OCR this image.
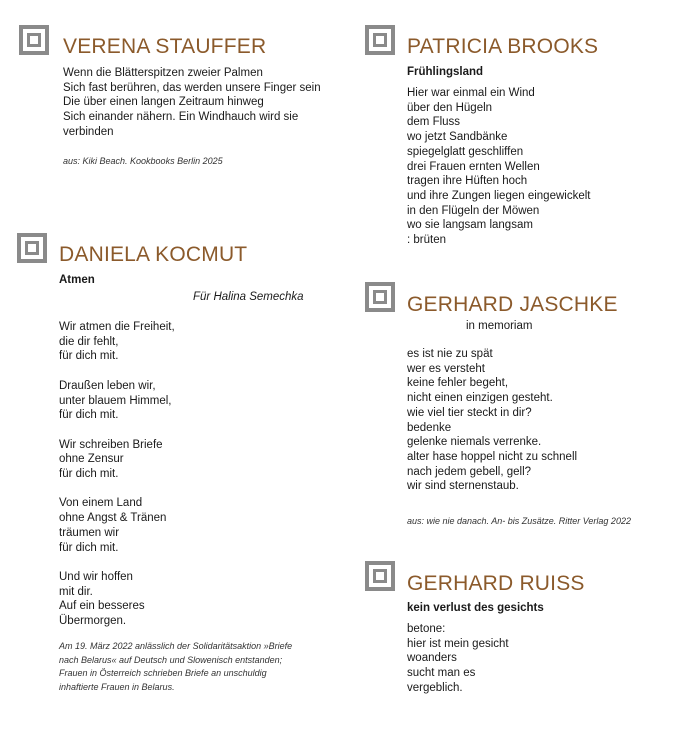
VERENA STAUFFER
Wenn die Blätterspitzen zweier Palmen
Sich fast berühren, das werden unsere Finger sein
Die über einen langen Zeitraum hinweg
Sich einander nähern. Ein Windhauch wird sie
verbinden
aus: Kiki Beach. Kookbooks Berlin 2025
DANIELA KOCMUT
Atmen
Für Halina Semechka
Wir atmen die Freiheit,
die dir fehlt,
für dich mit.
Draußen leben wir,
unter blauem Himmel,
für dich mit.
Wir schreiben Briefe
ohne Zensur
für dich mit.
Von einem Land
ohne Angst & Tränen
träumen wir
für dich mit.
Und wir hoffen
mit dir.
Auf ein besseres
Übermorgen.
Am 19. März 2022 anlässlich der Solidaritätsaktion »Briefe
nach Belarus« auf Deutsch und Slowenisch entstanden;
Frauen in Österreich schrieben Briefe an unschuldig
inhaftierte Frauen in Belarus.
PATRICIA BROOKS
Frühlingsland
Hier war einmal ein Wind
über den Hügeln
dem Fluss
wo jetzt Sandbänke
spiegelglatt geschliffen
drei Frauen ernten Wellen
tragen ihre Hüften hoch
und ihre Zungen liegen eingewickelt
in den Flügeln der Möwen
wo sie langsam langsam
: brüten
GERHARD JASCHKE
in memoriam
es ist nie zu spät
wer es versteht
keine fehler begeht,
nicht einen einzigen gesteht.
wie viel tier steckt in dir?
bedenke
gelenke niemals verrenke.
alter hase hoppel nicht zu schnell
nach jedem gebell, gell?
wir sind sternenstaub.
aus: wie nie danach. An- bis Zusätze. Ritter Verlag 2022
GERHARD RUISS
kein verlust des gesichts
betone:
hier ist mein gesicht
woanders
sucht man es
vergeblich.
